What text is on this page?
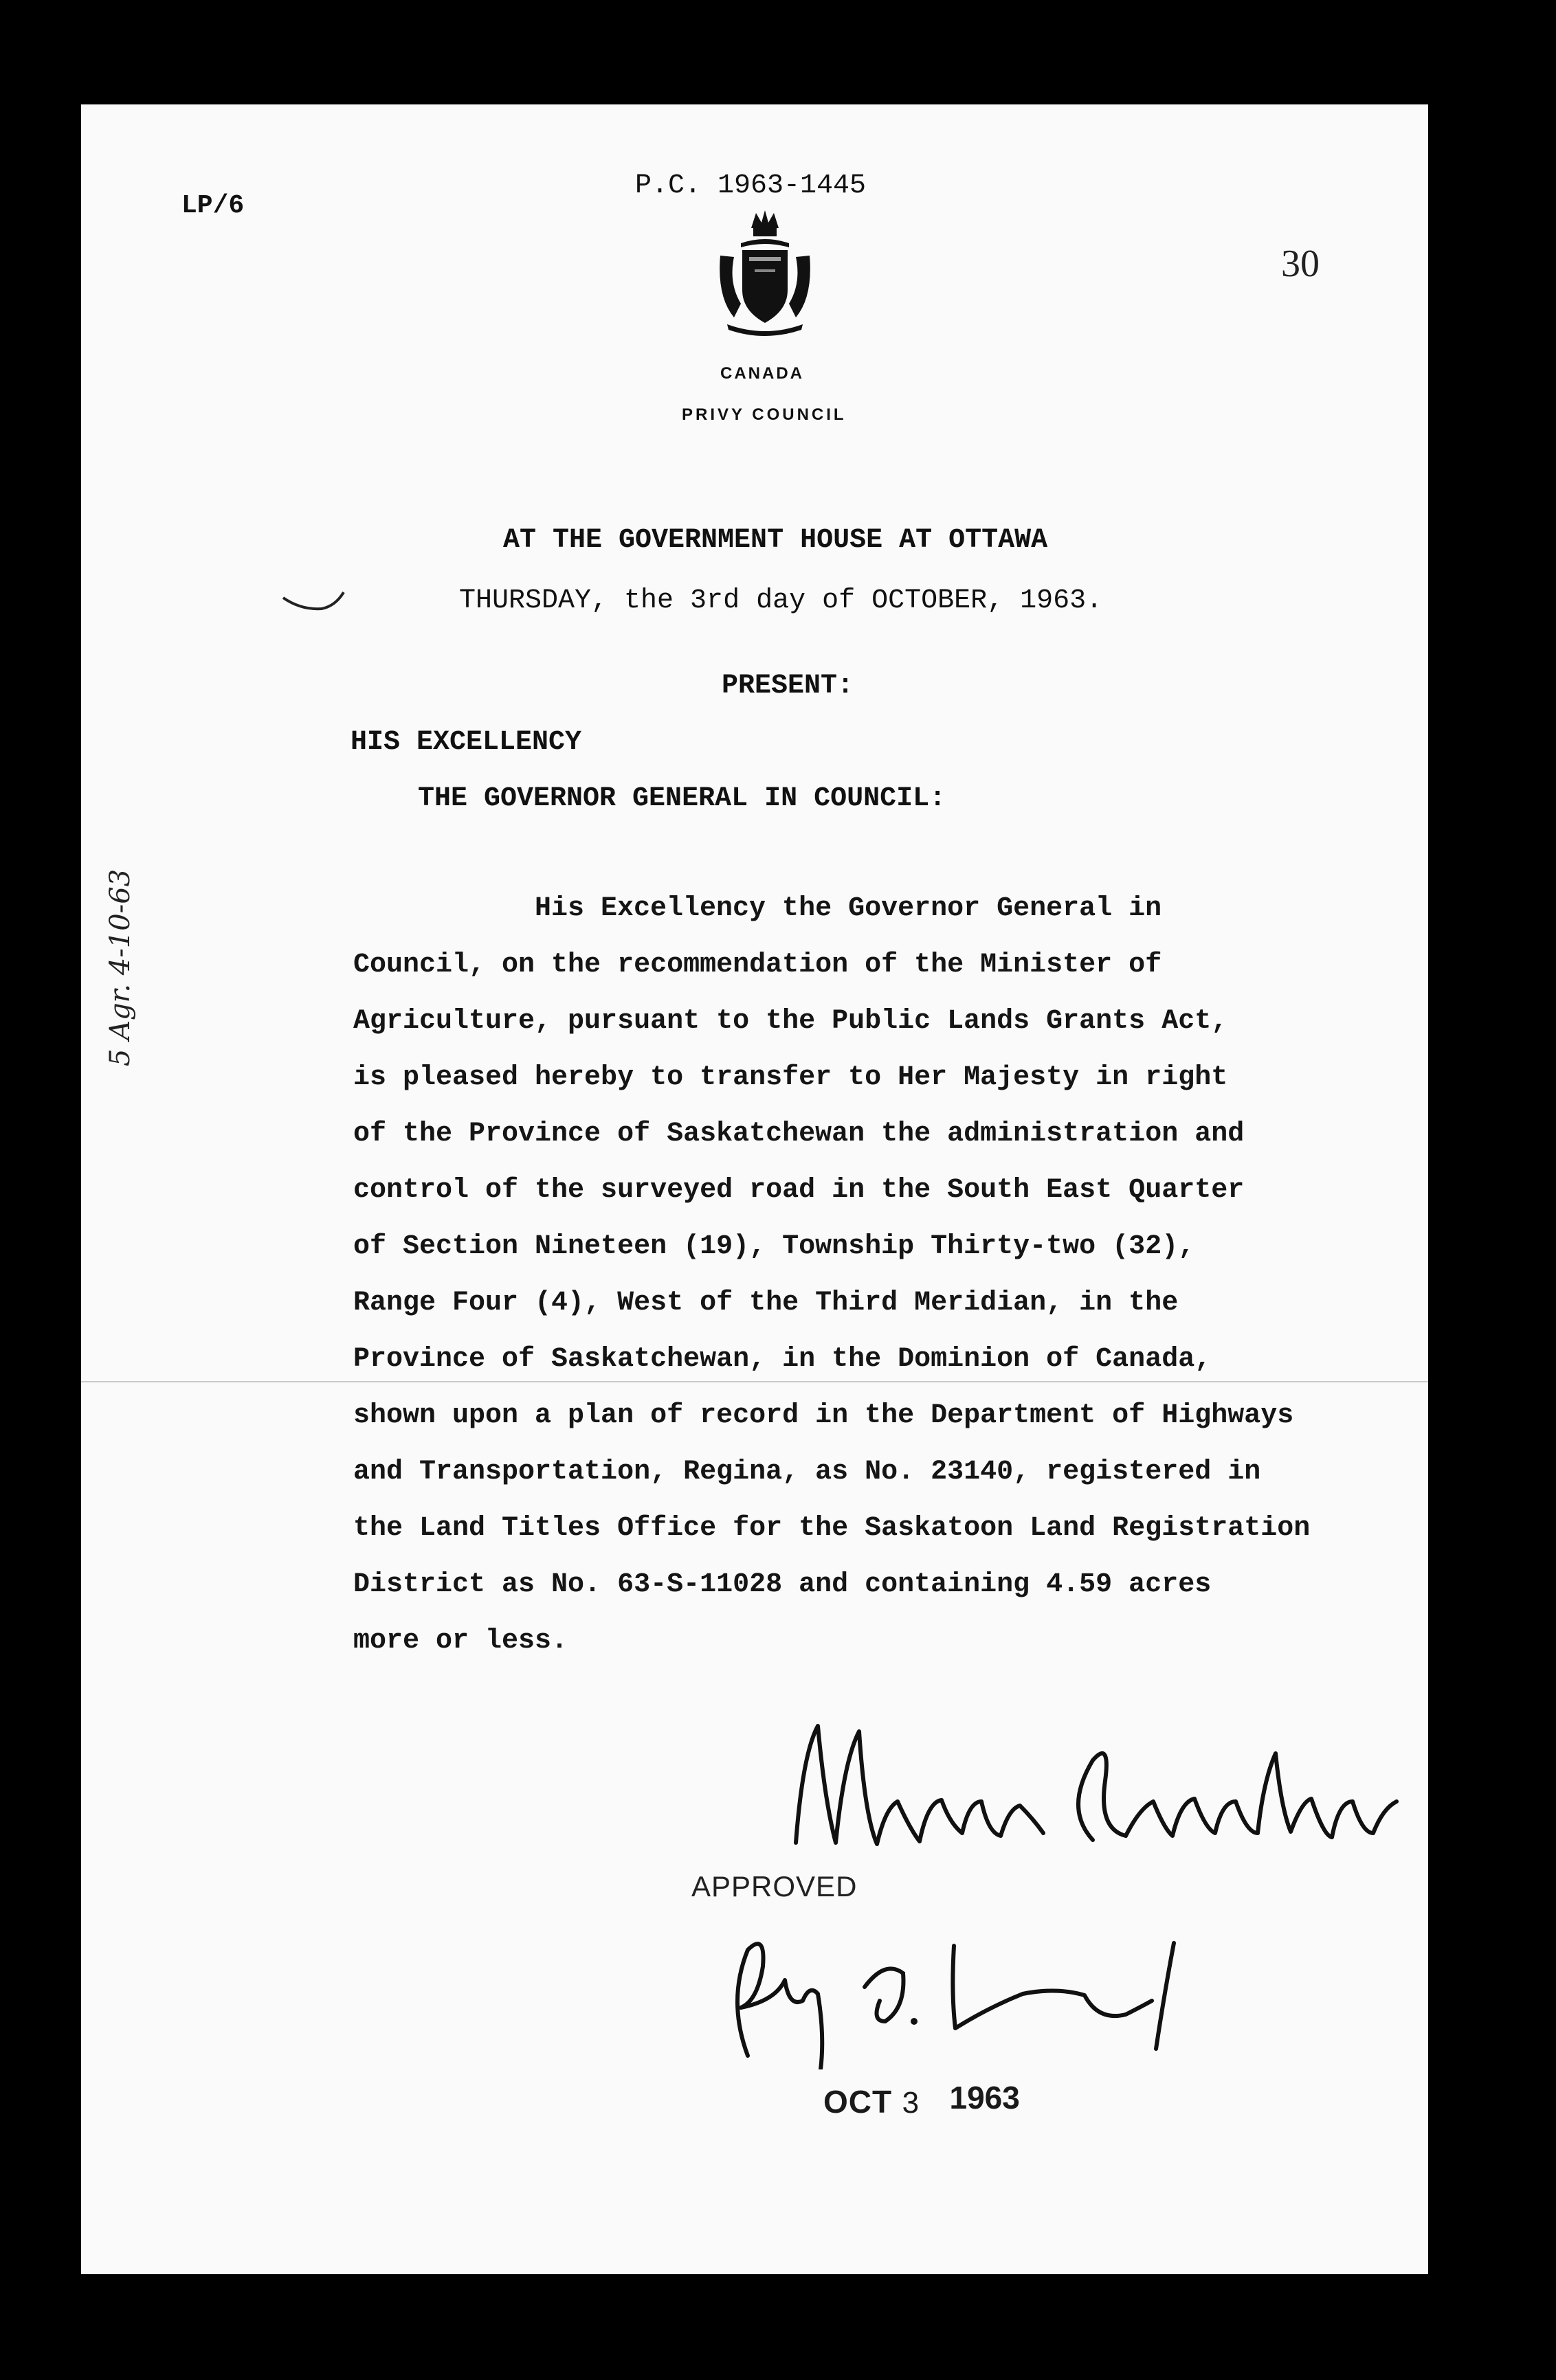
LP/6
P.C. 1963-1445
30
CANADA
PRIVY COUNCIL
AT THE GOVERNMENT HOUSE AT OTTAWA
THURSDAY, the 3rd day of OCTOBER, 1963.
PRESENT:
HIS EXCELLENCY
THE GOVERNOR GENERAL IN COUNCIL:
5 Agr. 4-10-63	His Excellency the Governor General in
Council, on the recommendation of the Minister of
Agriculture, pursuant to the Public Lands Grants Act,
is pleased hereby to transfer to Her Majesty in right
of the Province of Saskatchewan the administration and
control of the surveyed road in the South East Quarter
of Section Nineteen (19), Township Thirty-two (32),
Range Four (4), West of the Third Meridian, in the
Province of Saskatchewan, in the Dominion of Canada,
shown upon a plan of record in the Department of Highways
and Transportation, Regina, as No. 23140, registered in
the Land Titles Office for the Saskatoon Land Registration
District as No. 63-S-11028 and containing 4.59 acres
more or less.
APPROVED
OCT 3 1963
